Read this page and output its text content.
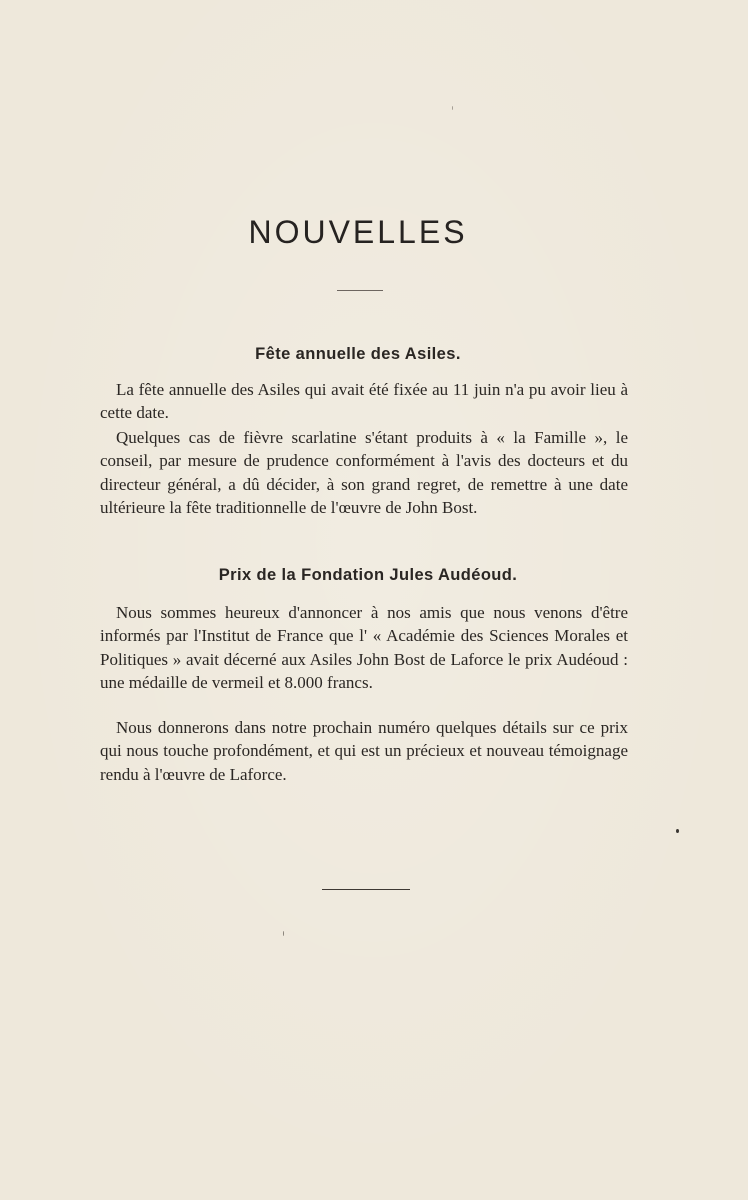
NOUVELLES
Fête annuelle des Asiles.

La fête annuelle des Asiles qui avait été fixée au 11 juin n'a pu avoir lieu à cette date.

Quelques cas de fièvre scarlatine s'étant produits à « la Famille », le conseil, par mesure de prudence conformément à l'avis des docteurs et du directeur général, a dû décider, à son grand regret, de remettre à une date ultérieure la fête traditionnelle de l'œuvre de John Bost.

Prix de la Fondation Jules Audéoud.

Nous sommes heureux d'annoncer à nos amis que nous venons d'être informés par l'Institut de France que l' « Académie des Sciences Morales et Politiques » avait décerné aux Asiles John Bost de Laforce le prix Audéoud : une médaille de vermeil et 8.000 francs.

Nous donnerons dans notre prochain numéro quelques détails sur ce prix qui nous touche profondément, et qui est un précieux et nouveau témoignage rendu à l'œuvre de Laforce.
